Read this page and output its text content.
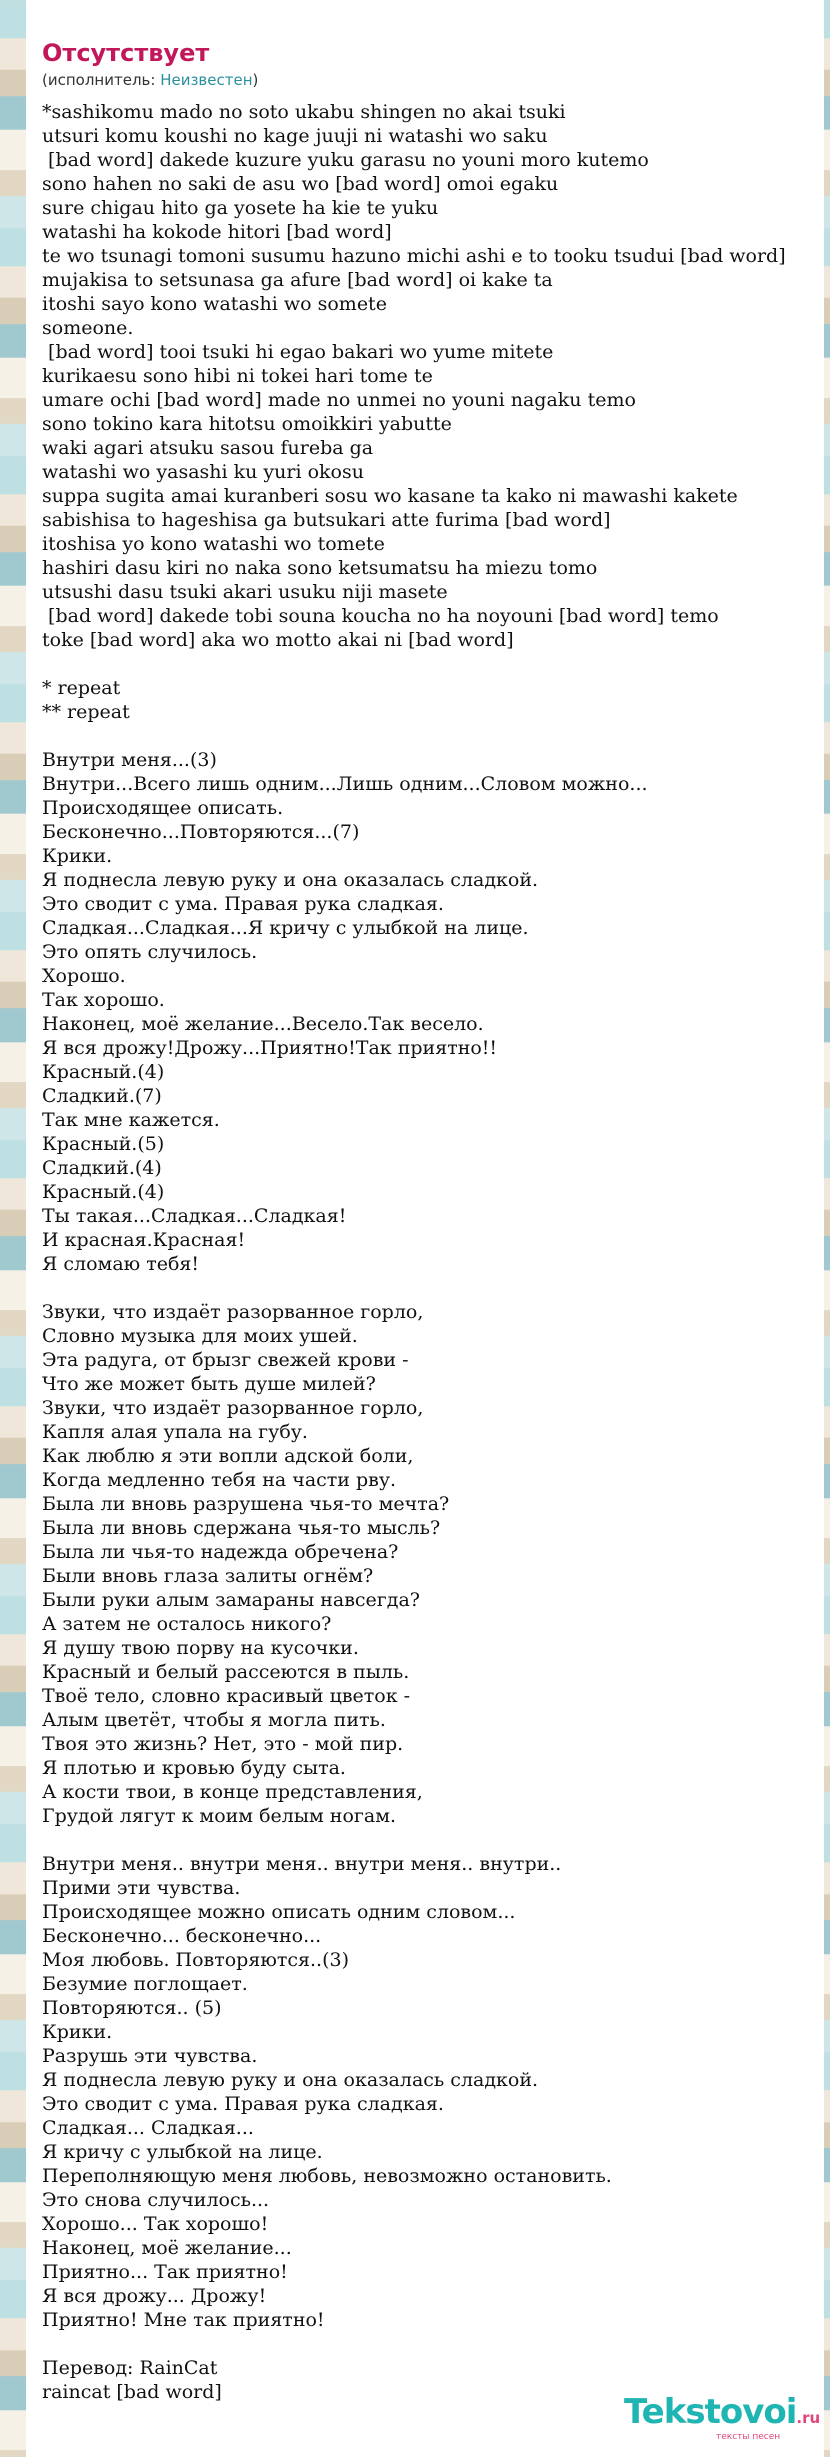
Отсутствует
(исполнитель: Неизвестен)
*sashikomu mado no soto ukabu shingen no akai tsuki
utsuri komu koushi no kage juuji ni watashi wo saku
[bad word] dakede kuzure yuku garasu no youni moro kutemo
sono hahen no saki de asu wo [bad word] omoi egaku
sure chigau hito ga yosete ha kie te yuku
watashi ha kokode hitori [bad word]
te wo tsunagi tomoni susumu hazuno michi ashi e to tooku tsudui [bad word]
mujakisa to setsunasa ga afure [bad word] oi kake ta
itoshi sayo kono watashi wo somete
someone.
[bad word] tooi tsuki hi egao bakari wo yume mitete
kurikaesu sono hibi ni tokei hari tome te
umare ochi [bad word] made no unmei no youni nagaku temo
sono tokino kara hitotsu omoikkiri yabutte
waki agari atsuku sasou fureba ga
watashi wo yasashi ku yuri okosu
suppa sugita amai kuranberi sosu wo kasane ta kako ni mawashi kakete
sabishisa to hageshisa ga butsukari atte furima [bad word]
itoshisa yo kono watashi wo tomete
hashiri dasu kiri no naka sono ketsumatsu ha miezu tomo
utsushi dasu tsuki akari usuku niji masete
[bad word] dakede tobi souna koucha no ha noyouni [bad word] temo
toke [bad word] aka wo motto akai ni [bad word]
* repeat
** repeat
Внутри меня...(3)
Внутри...Всего лишь одним...Лишь одним...Словом можно...
Происходящее описать.
Бесконечно...Повторяются...(7)
Крики.
Я поднесла левую руку и она оказалась сладкой.
Это сводит с ума. Правая рука сладкая.
Сладкая...Сладкая...Я кричу с улыбкой на лице.
Это опять случилось.
Хорошо.
Так хорошо.
Наконец, моё желание...Весело.Так весело.
Я вся дрожу!Дрожу...Приятно!Так приятно!!
Красный.(4)
Сладкий.(7)
Так мне кажется.
Красный.(5)
Сладкий.(4)
Красный.(4)
Ты такая...Сладкая...Сладкая!
И красная.Красная!
Я сломаю тебя!
Звуки, что издаёт разорванное горло,
Словно музыка для моих ушей.
Эта радуга, от брызг свежей крови -
Что же может быть душе милей?
Звуки, что издаёт разорванное горло,
Капля алая упала на губу.
Как люблю я эти вопли адской боли,
Когда медленно тебя на части рву.
Была ли вновь разрушена чья-то мечта?
Была ли вновь сдержана чья-то мысль?
Была ли чья-то надежда обречена?
Были вновь глаза залиты огнём?
Были руки алым замараны навсегда?
А затем не осталось никого?
Я душу твою порву на кусочки.
Красный и белый рассеются в пыль.
Твоё тело, словно красивый цветок -
Алым цветёт, чтобы я могла пить.
Твоя это жизнь? Нет, это - мой пир.
Я плотью и кровью буду сыта.
А кости твои, в конце представления,
Грудой лягут к моим белым ногам.
Внутри меня.. внутри меня.. внутри меня.. внутри..
Прими эти чувства.
Происходящее можно описать одним словом...
Бесконечно... бесконечно...
Моя любовь. Повторяются..(3)
Безумие поглощает.
Повторяются.. (5)
Крики.
Разрушь эти чувства.
Я поднесла левую руку и она оказалась сладкой.
Это сводит с ума. Правая рука сладкая.
Сладкая... Сладкая...
Я кричу с улыбкой на лице.
Переполняющую меня любовь, невозможно остановить.
Это снова случилось...
Хорошо... Так хорошо!
Наконец, моё желание...
Приятно... Так приятно!
Я вся дрожу... Дрожу!
Приятно! Мне так приятно!
Перевод: RainCat
raincat [bad word]	Tekstovoi.ru
тексты песен
